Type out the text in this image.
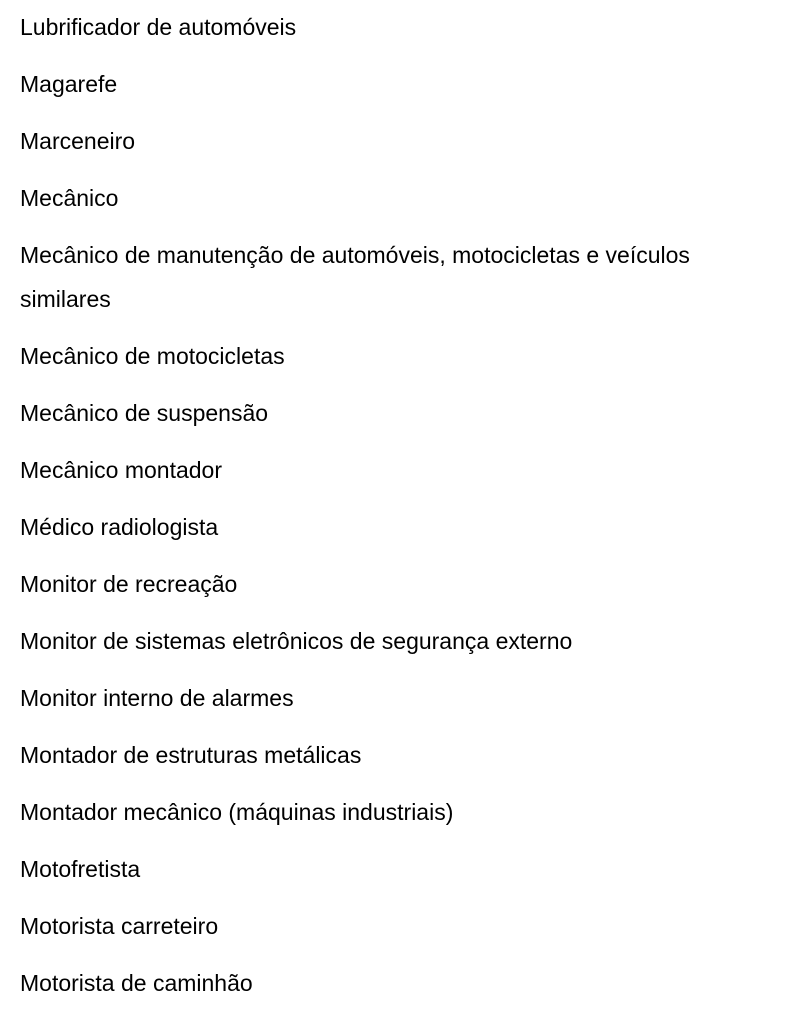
Lubrificador de automóveis
Magarefe
Marceneiro
Mecânico
Mecânico de manutenção de automóveis, motocicletas e veículos similares
Mecânico de motocicletas
Mecânico de suspensão
Mecânico montador
Médico radiologista
Monitor de recreação
Monitor de sistemas eletrônicos de segurança externo
Monitor interno de alarmes
Montador de estruturas metálicas
Montador mecânico (máquinas industriais)
Motofretista
Motorista carreteiro
Motorista de caminhão
